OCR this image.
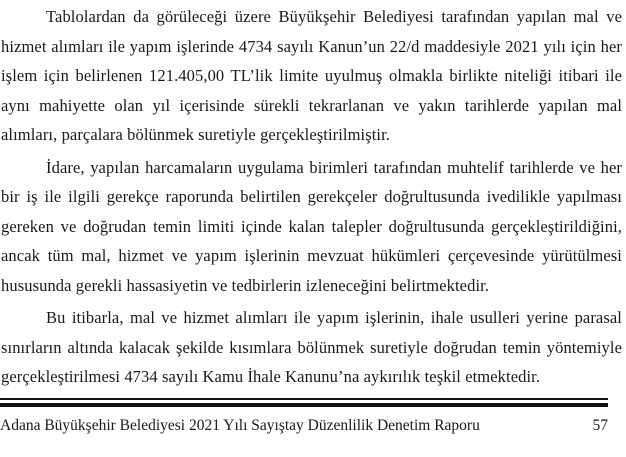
Tablolardan da görüleceği üzere Büyükşehir Belediyesi tarafından yapılan mal ve hizmet alımları ile yapım işlerinde 4734 sayılı Kanun’un 22/d maddesiyle 2021 yılı için her işlem için belirlenen 121.405,00 TL’lik limite uyulmuş olmakla birlikte niteliği itibari ile aynı mahiyette olan yıl içerisinde sürekli tekrarlanan ve yakın tarihlerde yapılan mal alımları, parçalara bölünmek suretiyle gerçekleştirilmiştir.

İdare, yapılan harcamaların uygulama birimleri tarafından muhtelif tarihlerde ve her bir iş ile ilgili gerekçe raporunda belirtilen gerekçeler doğrultusunda ivedilikle yapılması gereken ve doğrudan temin limiti içinde kalan talepler doğrultusunda gerçekleştirildiğini, ancak tüm mal, hizmet ve yapım işlerinin mevzuat hükümleri çerçevesinde yürütülmesi hususunda gerekli hassasiyetin ve tedbirlerin izleneceğini belirtmektedir.

Bu itibarla, mal ve hizmet alımları ile yapım işlerinin, ihale usulleri yerine parasal sınırların altında kalacak şekilde kısımlara bölünmek suretiyle doğrudan temin yöntemiyle gerçekleştirilmesi 4734 sayılı Kamu İhale Kanunu’na aykırılık teşkil etmektedir.

Adana Büyükşehir Belediyesi 2021 Yılı Sayıştay Düzenlilik Denetim Raporu	57
